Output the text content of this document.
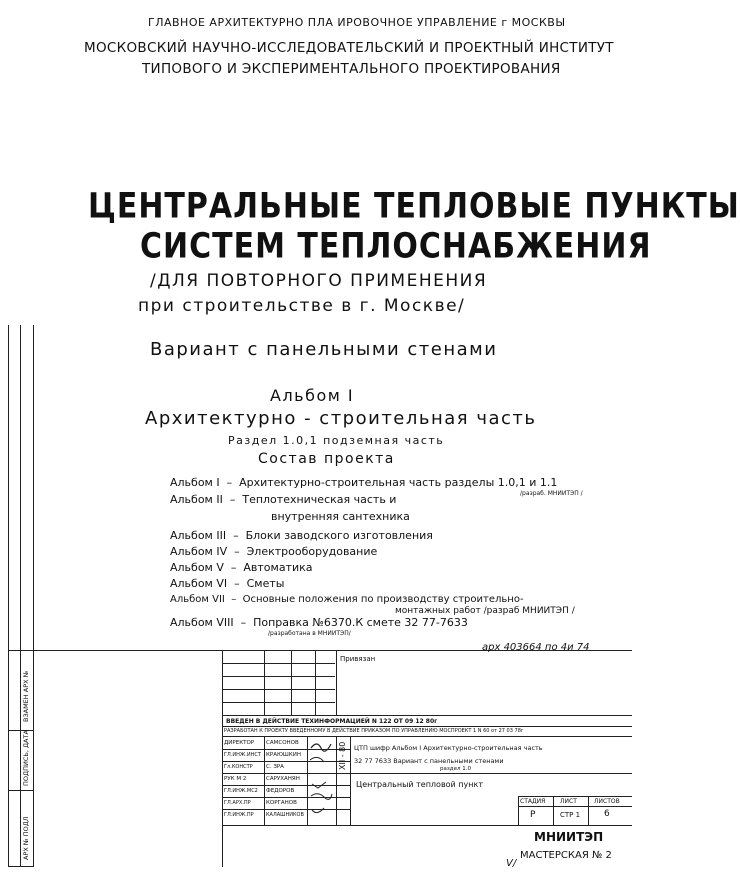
ГЛАВНОЕ АРХИТЕКТУРНО ПЛА ИРОВОЧНОЕ УПРАВЛЕНИЕ г МОСКВЫ
МОСКОВСКИЙ НАУЧНО-ИССЛЕДОВАТЕЛЬСКИЙ И ПРОЕКТНЫЙ ИНСТИТУТ
ТИПОВОГО И ЭКСПЕРИМЕНТАЛЬНОГО ПРОЕКТИРОВАНИЯ
ЦЕНТРАЛЬНЫЕ ТЕПЛОВЫЕ ПУНКТЫ
СИСТЕМ ТЕПЛОСНАБЖЕНИЯ
/ДЛЯ ПОВТОРНОГО ПРИМЕНЕНИЯ
при строительстве в г. Москве/
Вариант с панельными стенами
Альбом I
Архитектурно - строительная часть
Раздел 1.0,1 подземная часть
Состав проекта
Альбом I – Архитектурно-строительная часть разделы 1.0,1 и 1.1
/разраб. МНИИТЭП /
Альбом II – Теплотехническая часть и
внутренняя сантехника
Альбом III – Блоки заводского изготовления
Альбом IV – Электрооборудование
Альбом V – Автоматика
Альбом VI – Сметы
Альбом VII – Основные положения по производству строительно-
монтажных работ /разраб МНИИТЭП /
Альбом VIII – Поправка №6370.К смете 32 77-7633
/разработана в МНИИТЭП/
Привязан
арх 403664 по 4и 74
ВВЕДЕН В ДЕЙСТВИЕ ТЕХИНФОРМАЦИЕЙ N 122 ОТ 09 12 80г
РАЗРАБОТАН К ПРОЕКТУ ВВЕДЕННОМУ В ДЕЙСТВИЕ ПРИКАЗОМ ПО УПРАВЛЕНИЮ МОСПРОЕКТ 1 N 60 от 27 03 78г
ДИРЕКТОР САМСОНОВ
ГЛ.ИНЖ.ИНСТ КРАЮШКИН
Гл.КОНСТР С. ЗРА
РУК М 2	САРУХАНЯН
ГЛ.ИНЖ.МС2 ФЕДОРОВ
ГЛ.АРХ.ПР	КОРГАНОВ
ГЛ.ИНЖ.ПР КАЛАШНИКОВ
XII - 80 ЦТП шифр Альбом I Архитектурно-строительная часть
32 77 7633 Вариант с панельными стенами
раздел 1.0
Центральный тепловой пункт
СТАДИЯ ЛИСТ	ЛИСТОВ
Р	СТР 1	6
МНИИТЭП
МАСТЕРСКАЯ № 2
ВЗАМЕН АРХ №
ПОДПИСЬ, ДАТА
АРХ № ПОДЛ
V/
